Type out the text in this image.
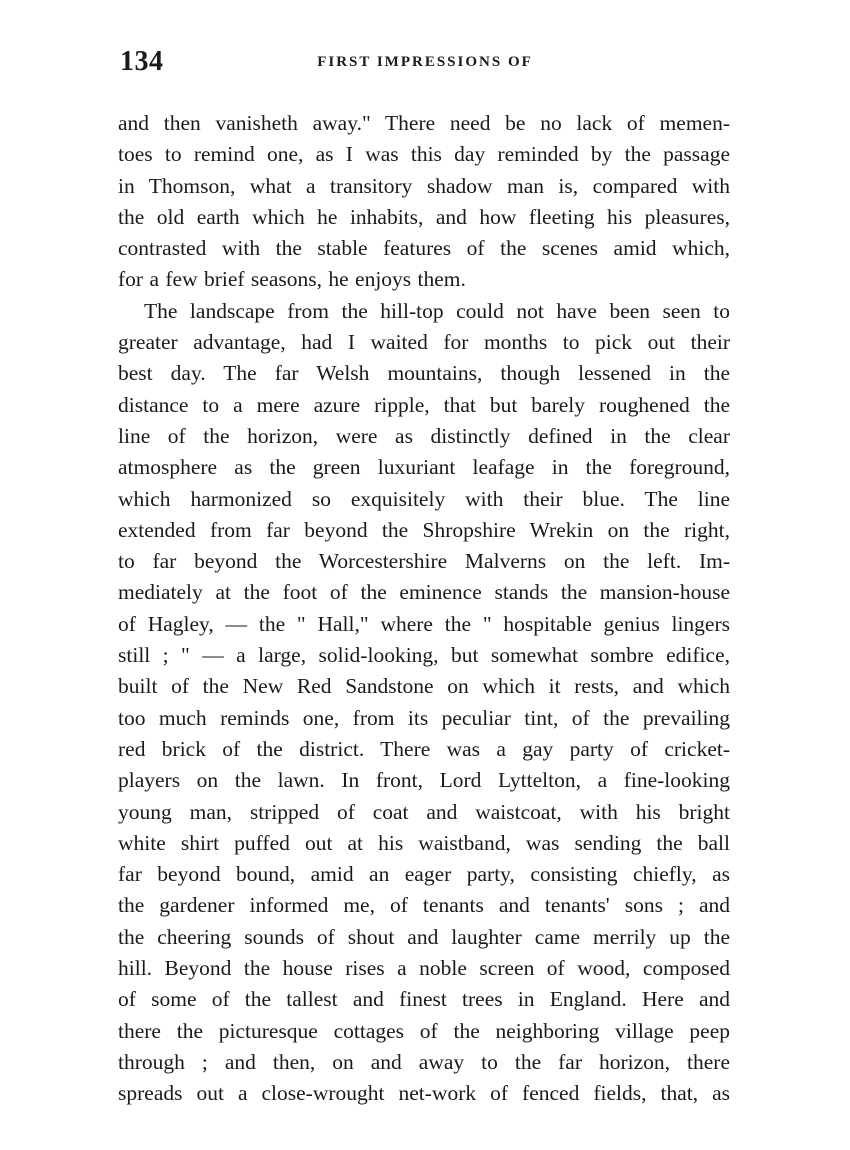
134	FIRST IMPRESSIONS OF
and then vanisheth away." There need be no lack of memen-
toes to remind one, as I was this day reminded by the passage
in Thomson, what a transitory shadow man is, compared with
the old earth which he inhabits, and how fleeting his pleasures,
contrasted with the stable features of the scenes amid which,
for a few brief seasons, he enjoys them.
The landscape from the hill-top could not have been seen to
greater advantage, had I waited for months to pick out their
best day. The far Welsh mountains, though lessened in the
distance to a mere azure ripple, that but barely roughened the
line of the horizon, were as distinctly defined in the clear
atmosphere as the green luxuriant leafage in the foreground,
which harmonized so exquisitely with their blue. The line
extended from far beyond the Shropshire Wrekin on the right,
to far beyond the Worcestershire Malverns on the left. Im-
mediately at the foot of the eminence stands the mansion-house
of Hagley, — the " Hall," where the " hospitable genius lingers
still ; " — a large, solid-looking, but somewhat sombre edifice,
built of the New Red Sandstone on which it rests, and which
too much reminds one, from its peculiar tint, of the prevailing
red brick of the district. There was a gay party of cricket-
players on the lawn. In front, Lord Lyttelton, a fine-looking
young man, stripped of coat and waistcoat, with his bright
white shirt puffed out at his waistband, was sending the ball
far beyond bound, amid an eager party, consisting chiefly, as
the gardener informed me, of tenants and tenants' sons ; and
the cheering sounds of shout and laughter came merrily up the
hill. Beyond the house rises a noble screen of wood, composed
of some of the tallest and finest trees in England. Here and
there the picturesque cottages of the neighboring village peep
through ; and then, on and away to the far horizon, there
spreads out a close-wrought net-work of fenced fields, that, as
